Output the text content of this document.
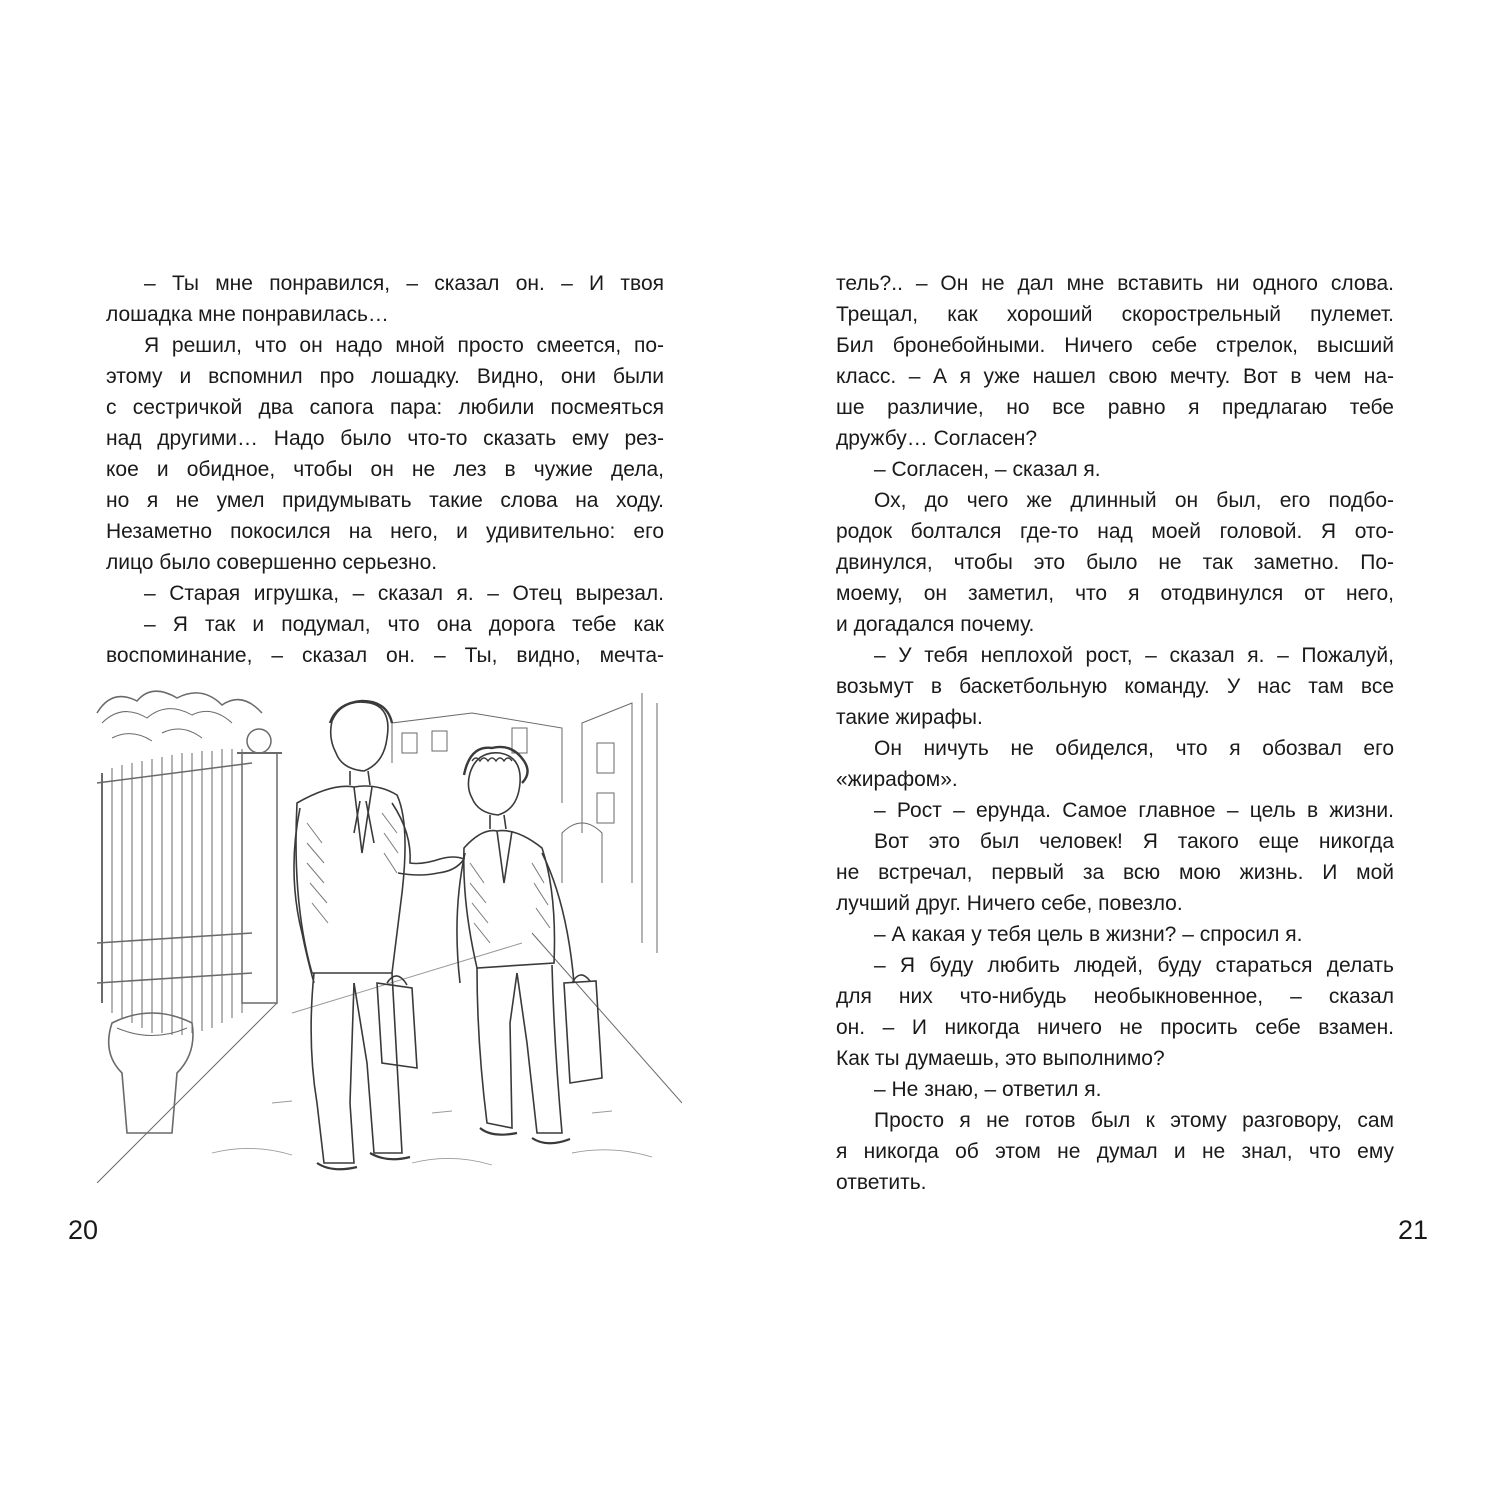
– Ты мне понравился, – сказал он. – И твоя
лошадка мне понравилась…
Я решил, что он надо мной просто смеется, по-
этому и вспомнил про лошадку. Видно, они были
с сестричкой два сапога пара: любили посмеяться
над другими… Надо было что-то сказать ему рез-
кое и обидное, чтобы он не лез в чужие дела,
но я не умел придумывать такие слова на ходу.
Незаметно покосился на него, и удивительно: его
лицо было совершенно серьезно.
– Старая игрушка, – сказал я. – Отец вырезал.
– Я так и подумал, что она дорога тебе как
воспоминание, – сказал он. – Ты, видно, мечта-
20
тель?.. – Он не дал мне вставить ни одного слова.
Трещал, как хороший скорострельный пулемет.
Бил бронебойными. Ничего себе стрелок, высший
класс. – А я уже нашел свою мечту. Вот в чем на-
ше различие, но все равно я предлагаю тебе
дружбу… Согласен?
– Согласен, – сказал я.
Ох, до чего же длинный он был, его подбо-
родок болтался где-то над моей головой. Я ото-
двинулся, чтобы это было не так заметно. По-
моему, он заметил, что я отодвинулся от него,
и догадался почему.
– У тебя неплохой рост, – сказал я. – Пожалуй,
возьмут в баскетбольную команду. У нас там все
такие жирафы.
Он ничуть не обиделся, что я обозвал его
«жирафом».
– Рост – ерунда. Самое главное – цель в жизни.
Вот это был человек! Я такого еще никогда
не встречал, первый за всю мою жизнь. И мой
лучший друг. Ничего себе, повезло.
– А какая у тебя цель в жизни? – спросил я.
– Я буду любить людей, буду стараться делать
для них что-нибудь необыкновенное, – сказал
он. – И никогда ничего не просить себе взамен.
Как ты думаешь, это выполнимо?
– Не знаю, – ответил я.
Просто я не готов был к этому разговору, сам
я никогда об этом не думал и не знал, что ему
ответить.
21
